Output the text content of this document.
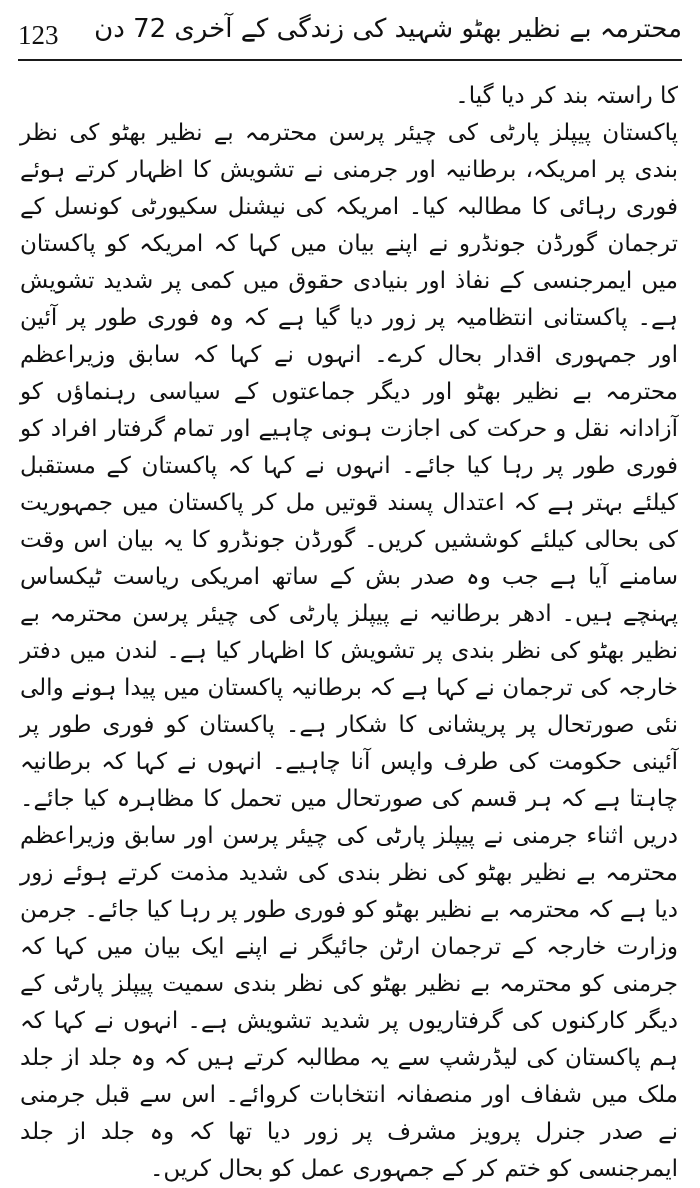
123 محترمہ بے نظیر بھٹو شہید کی زندگی کے آخری 72 دن

کا راستہ بند کر دیا گیا۔

پاکستان پیپلز پارٹی کی چیئر پرسن محترمہ بے نظیر بھٹو کی نظر بندی پر امریکہ، برطانیہ اور جرمنی نے تشویش کا اظہار کرتے ہوئے فوری رہائی کا مطالبہ کیا۔ امریکہ کی نیشنل سکیورٹی کونسل کے ترجمان گورڈن جونڈرو نے اپنے بیان میں کہا کہ امریکہ کو پاکستان میں ایمرجنسی کے نفاذ اور بنیادی حقوق میں کمی پر شدید تشویش ہے۔ پاکستانی انتظامیہ پر زور دیا گیا ہے کہ وہ فوری طور پر آئین اور جمہوری اقدار بحال کرے۔ انہوں نے کہا کہ سابق وزیراعظم محترمہ بے نظیر بھٹو اور دیگر جماعتوں کے سیاسی رہنماؤں کو آزادانہ نقل و حرکت کی اجازت ہونی چاہیے اور تمام گرفتار افراد کو فوری طور پر رہا کیا جائے۔ انہوں نے کہا کہ پاکستان کے مستقبل کیلئے بہتر ہے کہ اعتدال پسند قوتیں مل کر پاکستان میں جمہوریت کی بحالی کیلئے کوششیں کریں۔ گورڈن جونڈرو کا یہ بیان اس وقت سامنے آیا ہے جب وہ صدر بش کے ساتھ امریکی ریاست ٹیکساس پہنچے ہیں۔ ادھر برطانیہ نے پیپلز پارٹی کی چیئر پرسن محترمہ بے نظیر بھٹو کی نظر بندی پر تشویش کا اظہار کیا ہے۔ لندن میں دفتر خارجہ کی ترجمان نے کہا ہے کہ برطانیہ پاکستان میں پیدا ہونے والی نئی صورتحال پر پریشانی کا شکار ہے۔ پاکستان کو فوری طور پر آئینی حکومت کی طرف واپس آنا چاہیے۔ انہوں نے کہا کہ برطانیہ چاہتا ہے کہ ہر قسم کی صورتحال میں تحمل کا مظاہرہ کیا جائے۔ دریں اثناء جرمنی نے پیپلز پارٹی کی چیئر پرسن اور سابق وزیراعظم محترمہ بے نظیر بھٹو کی نظر بندی کی شدید مذمت کرتے ہوئے زور دیا ہے کہ محترمہ بے نظیر بھٹو کو فوری طور پر رہا کیا جائے۔ جرمن وزارت خارجہ کے ترجمان ارٹن جائیگر نے اپنے ایک بیان میں کہا کہ جرمنی کو محترمہ بے نظیر بھٹو کی نظر بندی سمیت پیپلز پارٹی کے دیگر کارکنوں کی گرفتاریوں پر شدید تشویش ہے۔ انہوں نے کہا کہ ہم پاکستان کی لیڈرشپ سے یہ مطالبہ کرتے ہیں کہ وہ جلد از جلد ملک میں شفاف اور منصفانہ انتخابات کروائے۔ اس سے قبل جرمنی نے صدر جنرل پرویز مشرف پر زور دیا تھا کہ وہ جلد از جلد ایمرجنسی کو ختم کر کے جمہوری عمل کو بحال کریں۔
